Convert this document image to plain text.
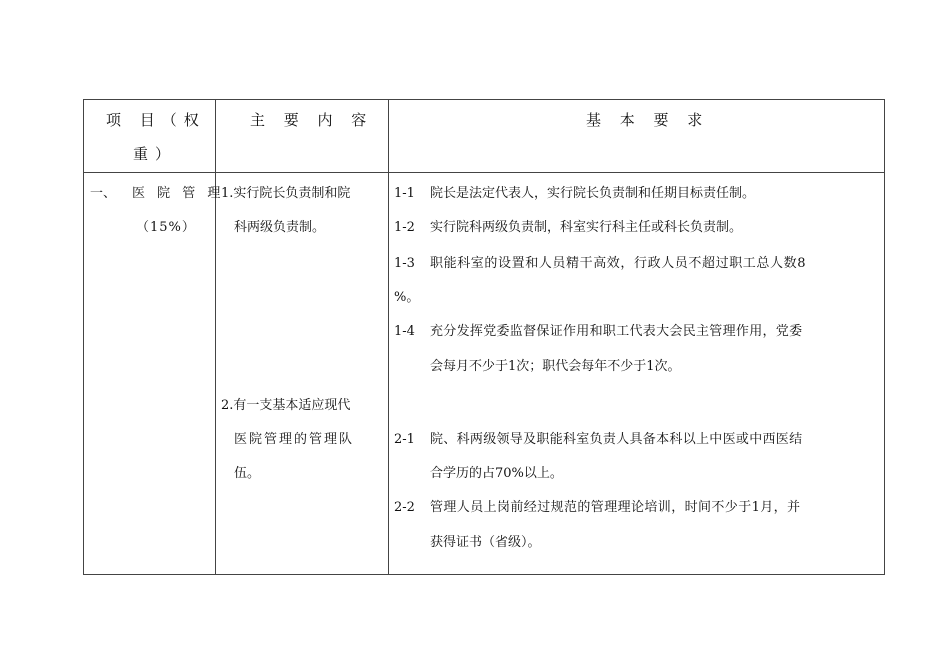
项 目（权
重）
主 要 内 容	基 本 要 求
一、 医 院 管 理
（15%）
1.实行院长负责制和院
科两级负责制。
2.有一支基本适应现代
医院管理的管理队
伍。
1-1 院长是法定代表人，实行院长负责制和任期目标责任制。
1-2 实行院科两级负责制，科室实行科主任或科长负责制。
1-3 职能科室的设置和人员精干高效，行政人员不超过职工总人数8
%。
1-4 充分发挥党委监督保证作用和职工代表大会民主管理作用，党委
会每月不少于1次；职代会每年不少于1次。
2-1 院、科两级领导及职能科室负责人具备本科以上中医或中西医结
合学历的占70%以上。
2-2 管理人员上岗前经过规范的管理理论培训，时间不少于1月，并
获得证书（省级）。
